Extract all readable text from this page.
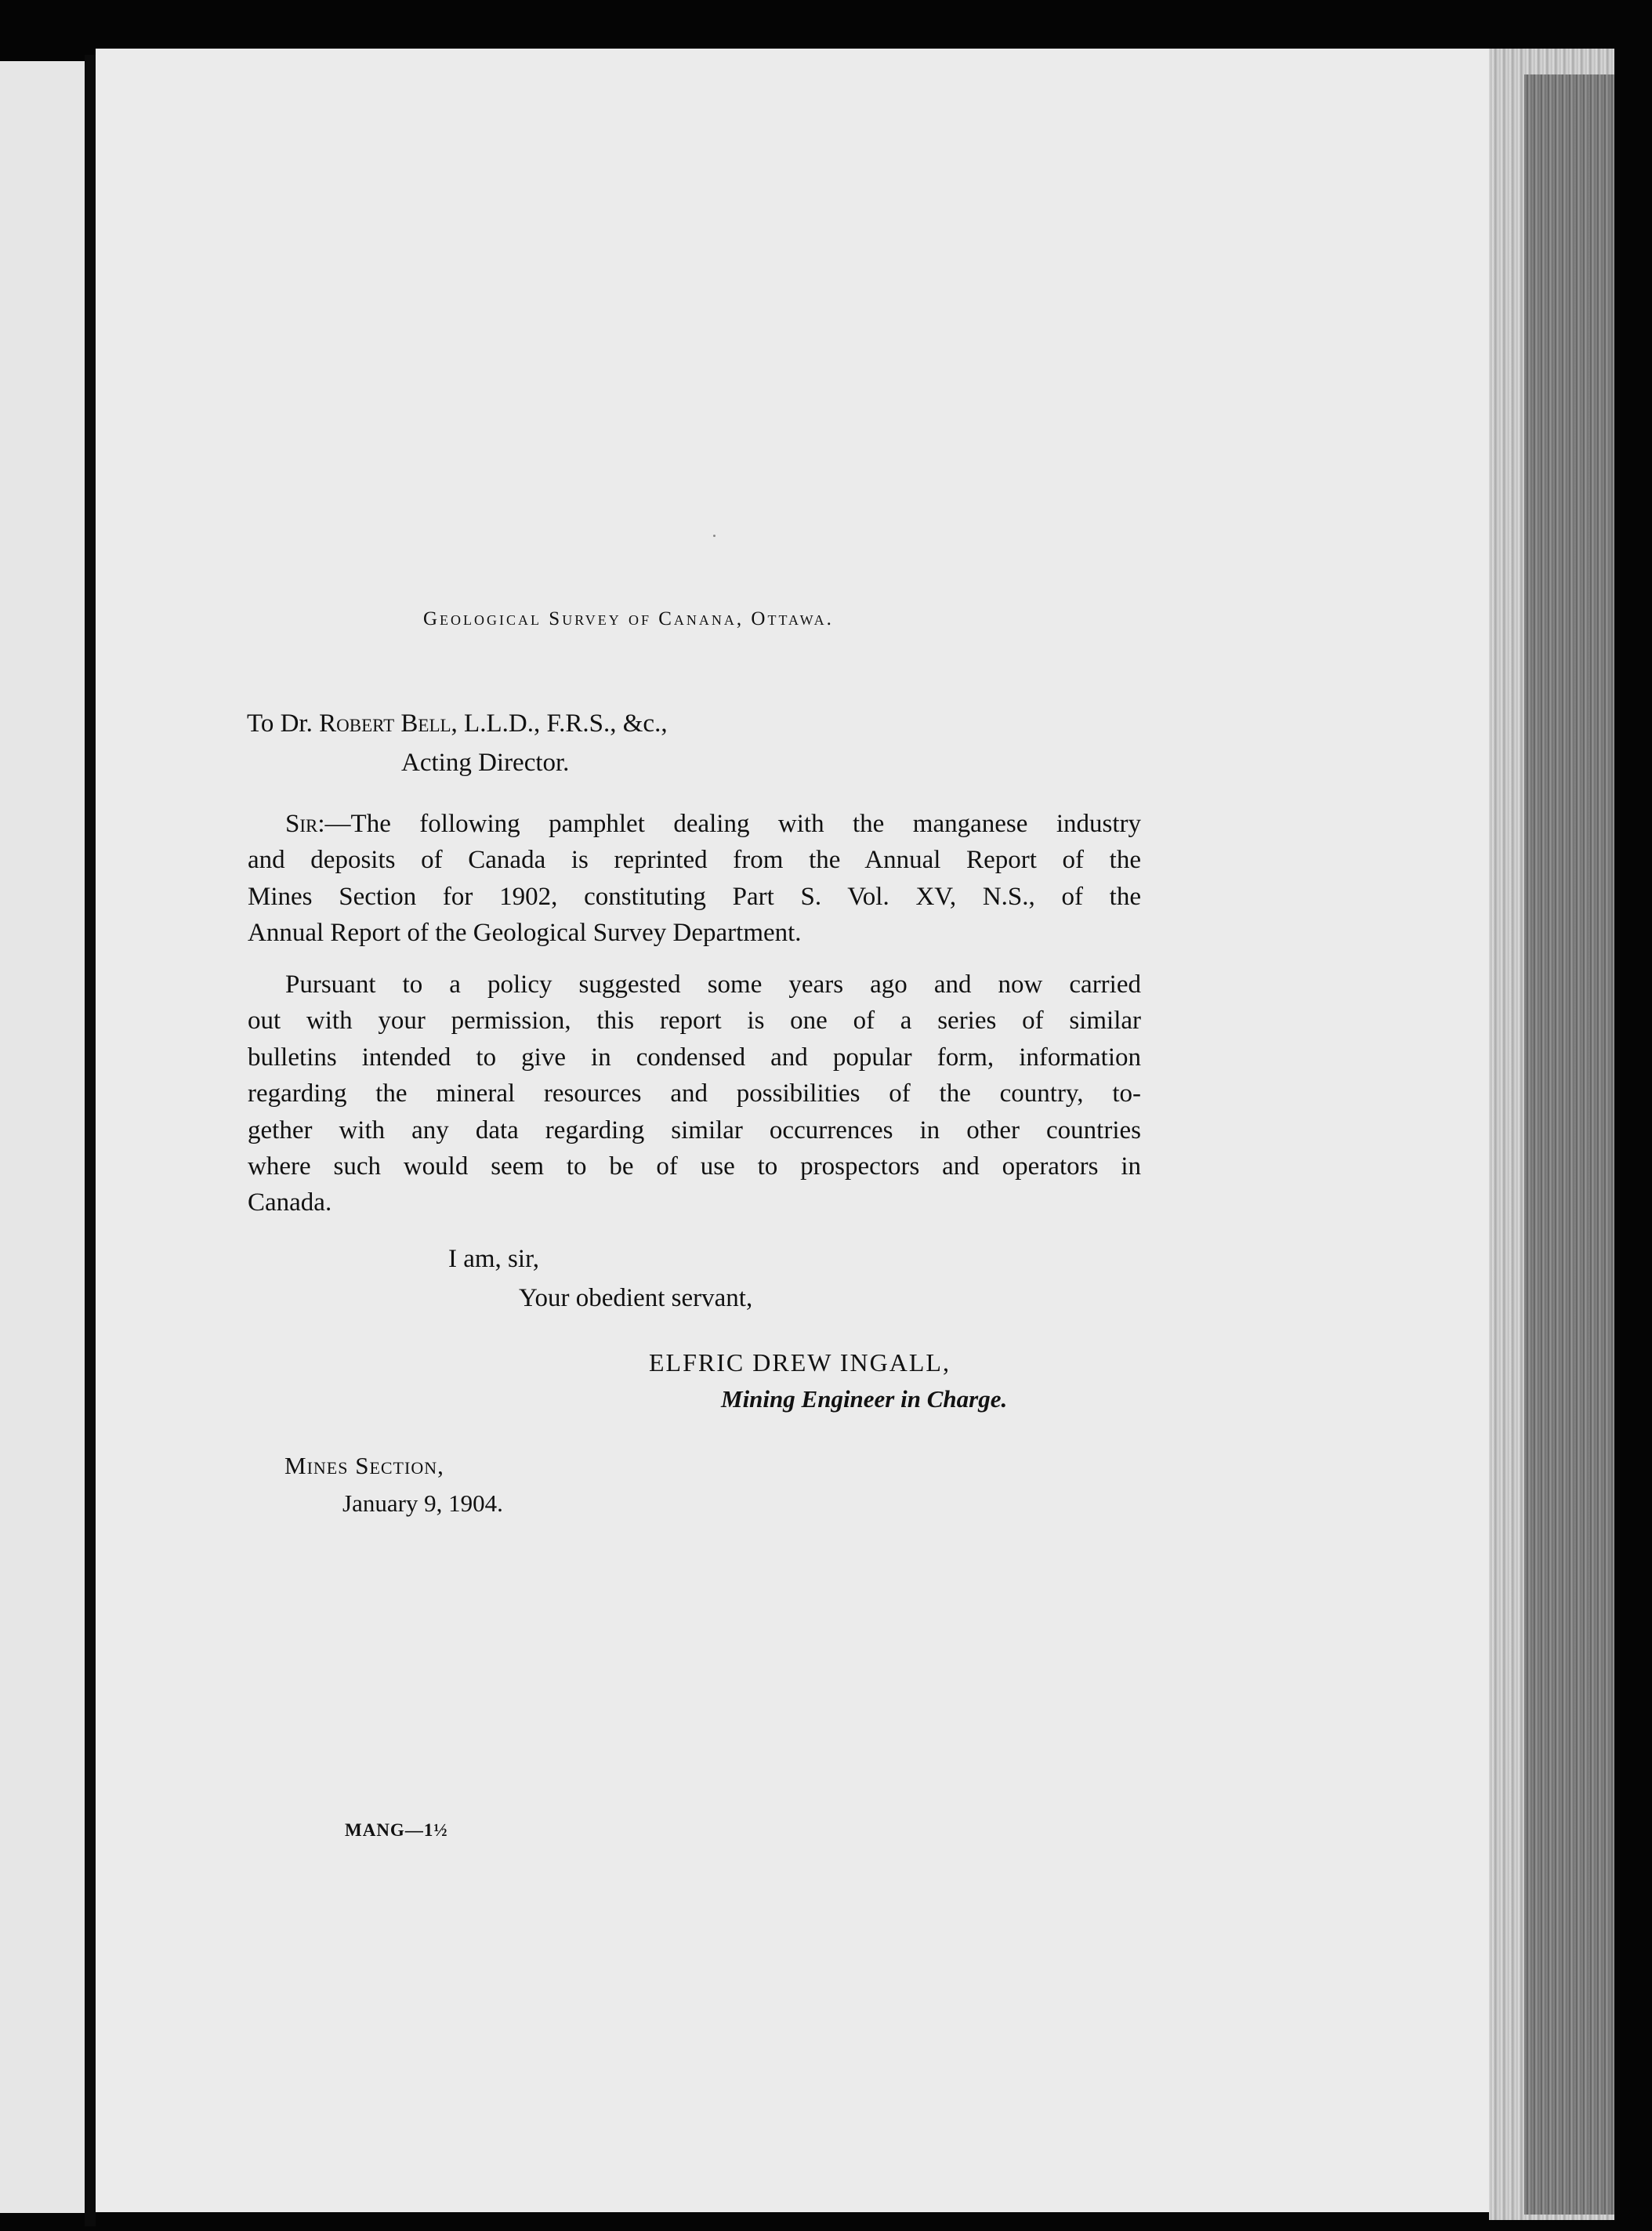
Geological Survey of Canana, Ottawa.
To Dr. Robert Bell, L.L.D., F.R.S., &c.,
Acting Director.
Sir:—The following pamphlet dealing with the manganese industry
and deposits of Canada is reprinted from the Annual Report of the
Mines Section for 1902, constituting Part S. Vol. XV, N.S., of the
Annual Report of the Geological Survey Department.
Pursuant to a policy suggested some years ago and now carried
out with your permission, this report is one of a series of similar
bulletins intended to give in condensed and popular form, information
regarding the mineral resources and possibilities of the country, to-
gether with any data regarding similar occurrences in other countries
where such would seem to be of use to prospectors and operators in
Canada.
I am, sir,
Your obedient servant,
ELFRIC DREW INGALL,
Mining Engineer in Charge.
Mines Section,
January 9, 1904.
MANG—1½
